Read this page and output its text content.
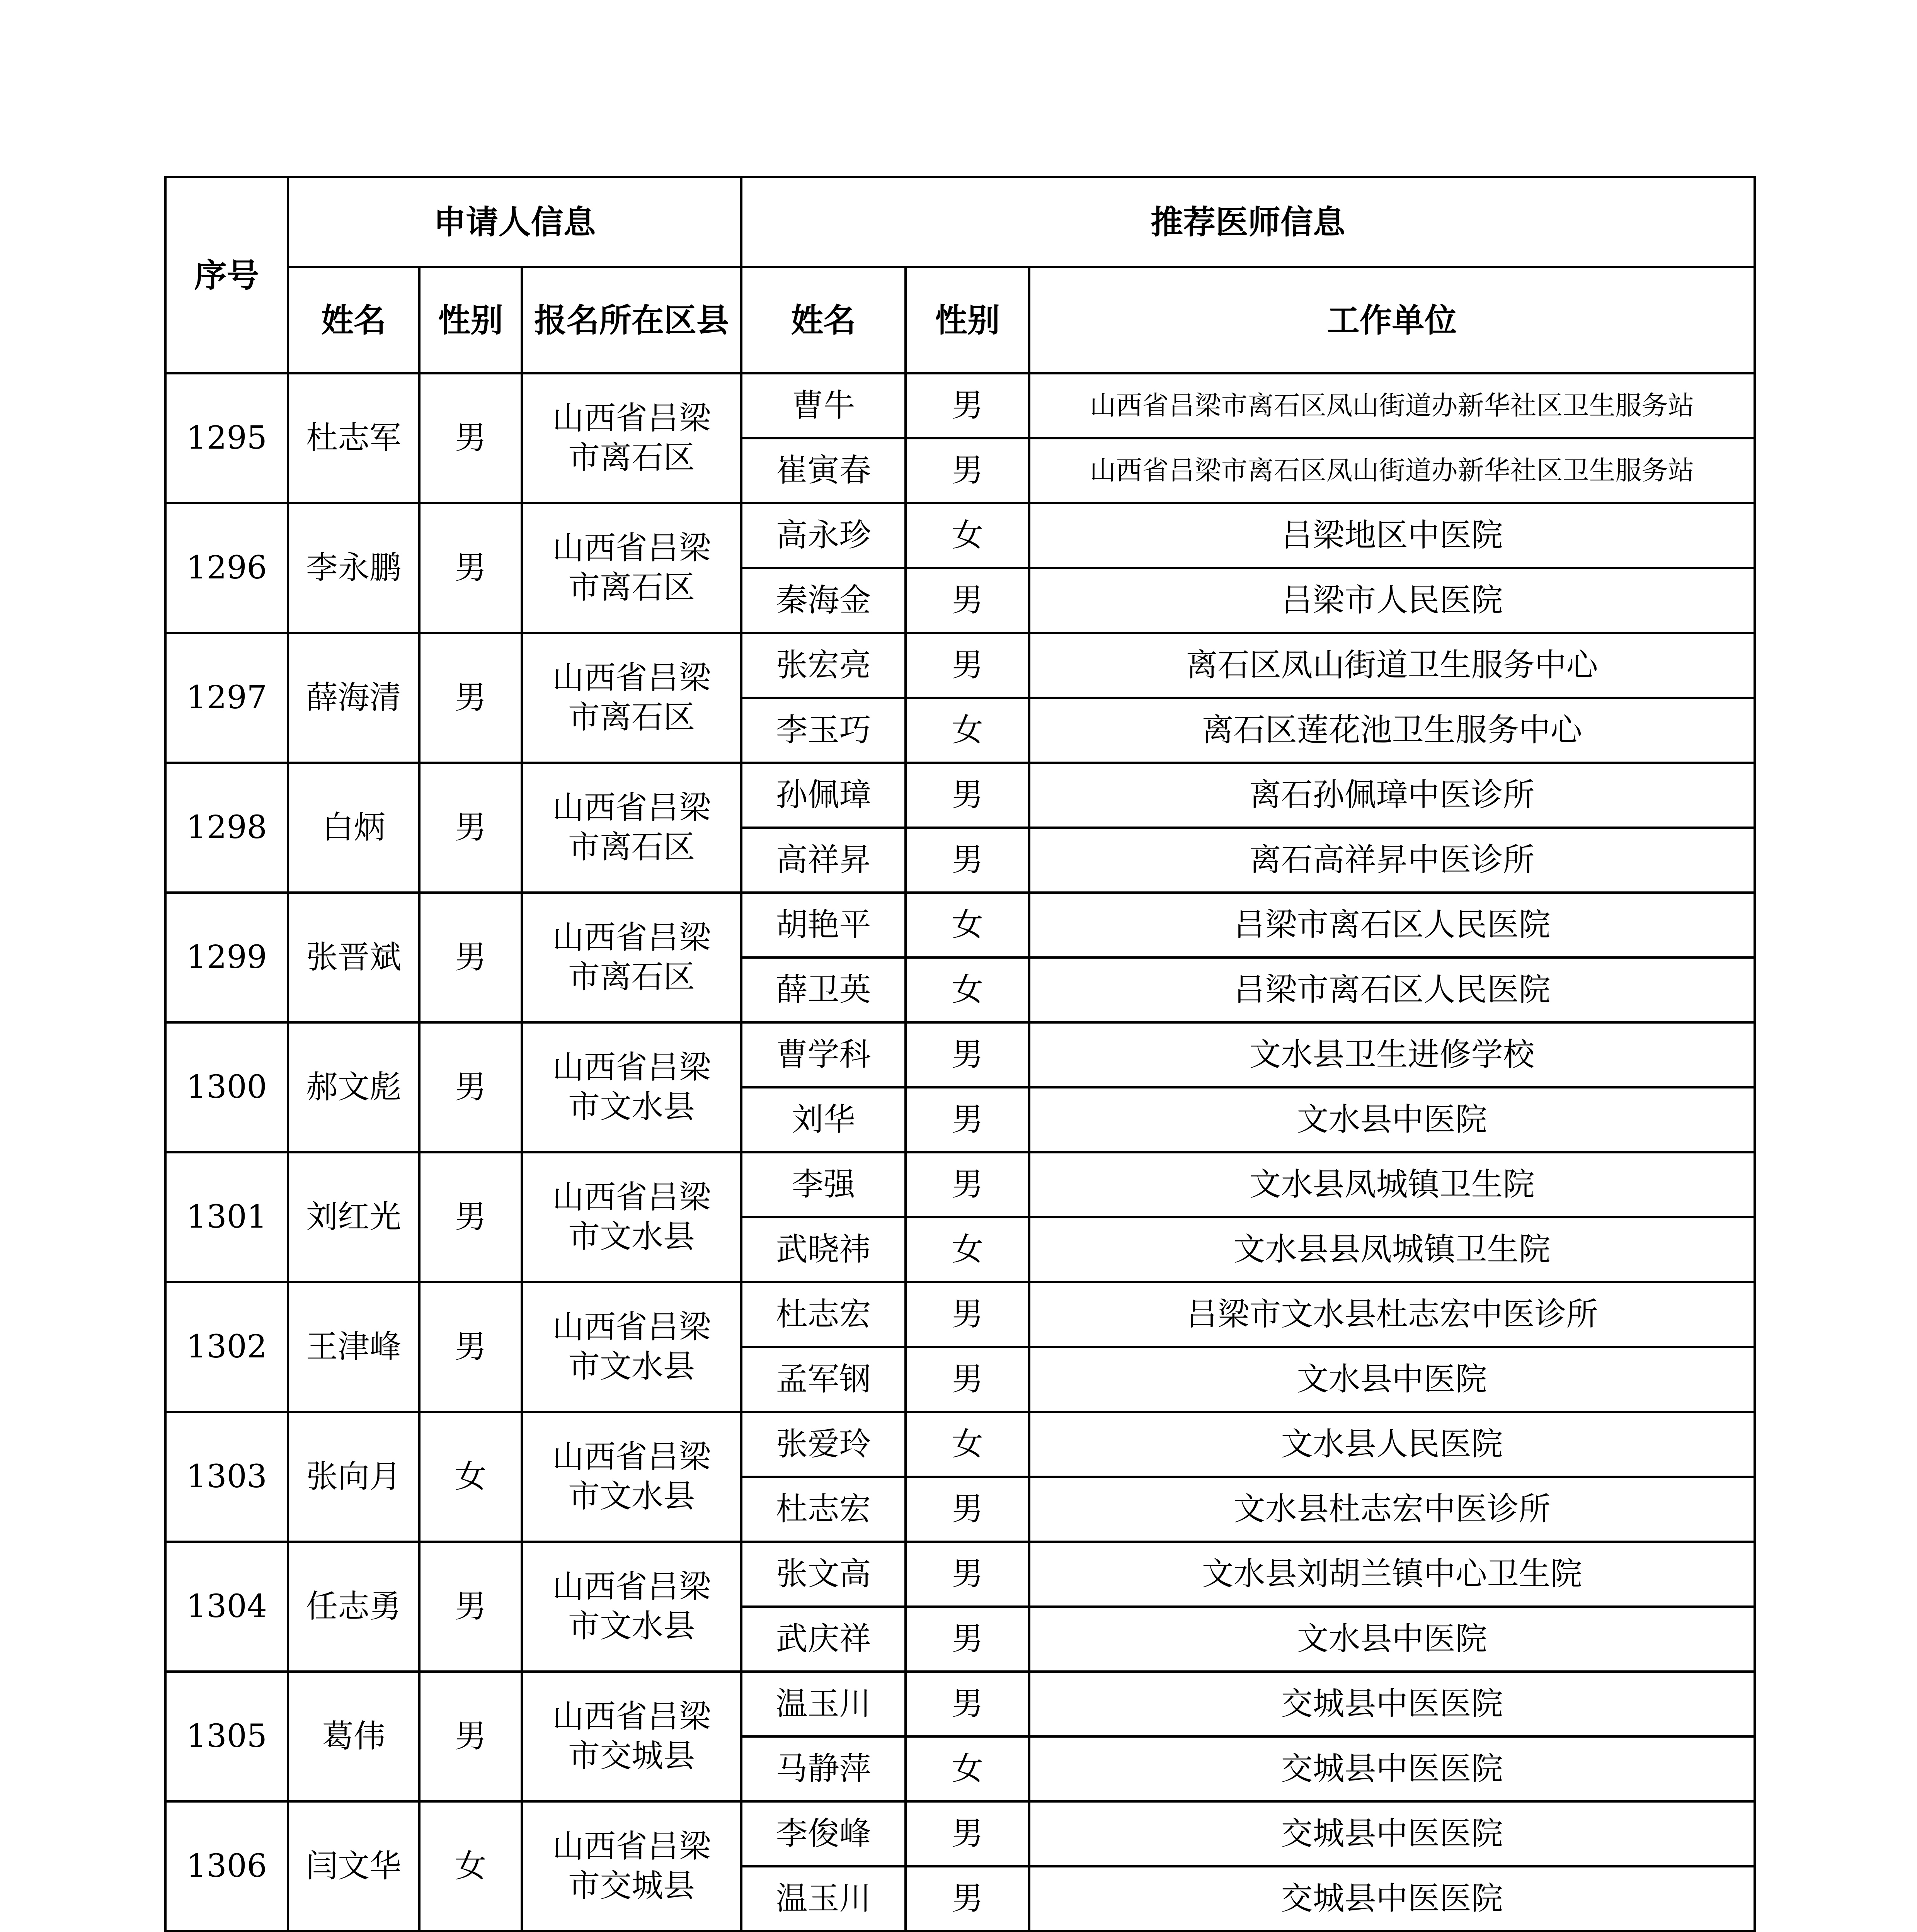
序号	申请人信息			推荐医师信息		
	姓名	性别	报名所在区县	姓名	性别	工作单位
1295	杜志军	男	山西省吕梁市离石区	曹牛	男	山西省吕梁市离石区凤山街道办新华社区卫生服务站
				崔寅春	男	山西省吕梁市离石区凤山街道办新华社区卫生服务站
1296	李永鹏	男	山西省吕梁市离石区	高永珍	女	吕梁地区中医院
				秦海金	男	吕梁市人民医院
1297	薛海清	男	山西省吕梁市离石区	张宏亮	男	离石区凤山街道卫生服务中心
				李玉巧	女	离石区莲花池卫生服务中心
1298	白炳	男	山西省吕梁市离石区	孙佩璋	男	离石孙佩璋中医诊所
				高祥昇	男	离石高祥昇中医诊所
1299	张晋斌	男	山西省吕梁市离石区	胡艳平	女	吕梁市离石区人民医院
				薛卫英	女	吕梁市离石区人民医院
1300	郝文彪	男	山西省吕梁市文水县	曹学科	男	文水县卫生进修学校
				刘华	男	文水县中医院
1301	刘红光	男	山西省吕梁市文水县	李强	男	文水县凤城镇卫生院
				武晓祎	女	文水县县凤城镇卫生院
1302	王津峰	男	山西省吕梁市文水县	杜志宏	男	吕梁市文水县杜志宏中医诊所
				孟军钢	男	文水县中医院
1303	张向月	女	山西省吕梁市文水县	张爱玲	女	文水县人民医院
				杜志宏	男	文水县杜志宏中医诊所
1304	任志勇	男	山西省吕梁市文水县	张文高	男	文水县刘胡兰镇中心卫生院
				武庆祥	男	文水县中医院
1305	葛伟	男	山西省吕梁市交城县	温玉川	男	交城县中医医院
				马静萍	女	交城县中医医院
1306	闫文华	女	山西省吕梁市交城县	李俊峰	男	交城县中医医院
				温玉川	男	交城县中医医院
